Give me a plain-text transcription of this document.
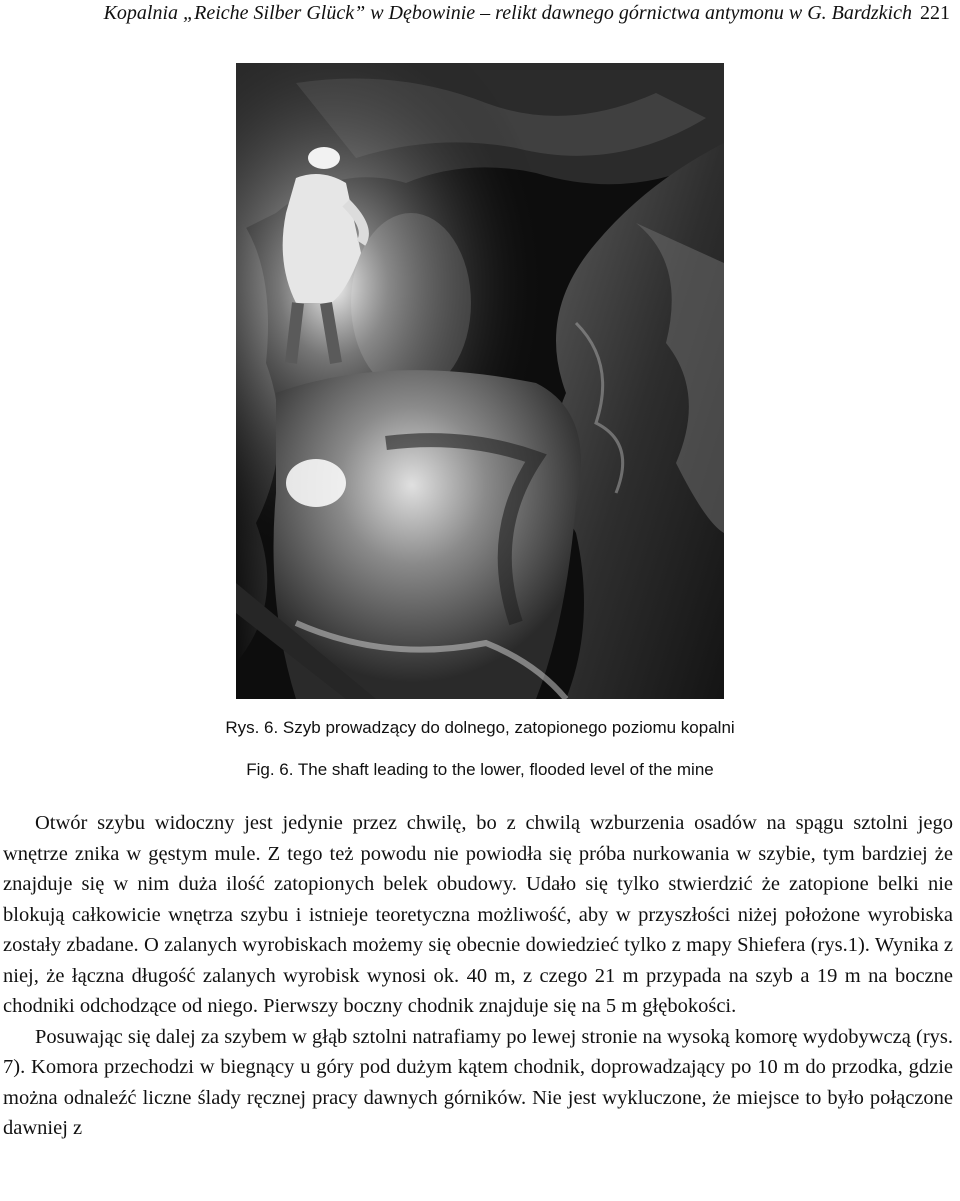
Kopalnia „Reiche Silber Glück” w Dębowinie – relikt dawnego górnictwa antymonu w G. Bardzkich 221
Rys. 6. Szyb prowadzący do dolnego, zatopionego poziomu kopalni
Fig. 6. The shaft leading to the lower, flooded level of the mine

Otwór szybu widoczny jest jedynie przez chwilę, bo z chwilą wzburzenia osadów na spągu sztolni jego wnętrze znika w gęstym mule. Z tego też powodu nie powiodła się próba nurkowania w szybie, tym bardziej że znajduje się w nim duża ilość zatopionych belek obudowy. Udało się tylko stwierdzić że zatopione belki nie blokują całkowicie wnętrza szybu i istnieje teoretyczna możliwość, aby w przyszłości niżej położone wyrobiska zostały zbadane. O zalanych wyrobiskach możemy się obecnie dowiedzieć tylko z mapy Shiefera (rys.1). Wynika z niej, że łączna długość zalanych wyrobisk wynosi ok. 40 m, z czego 21 m przypada na szyb a 19 m na boczne chodniki odchodzące od niego. Pierwszy boczny chodnik znajduje się na 5 m głębokości.

Posuwając się dalej za szybem w głąb sztolni natrafiamy po lewej stronie na wysoką komorę wydobywczą (rys. 7). Komora przechodzi w biegnący u góry pod dużym kątem chodnik, doprowadzający po 10 m do przodka, gdzie można odnaleźć liczne ślady ręcznej pracy dawnych górników. Nie jest wykluczone, że miejsce to było połączone dawniej z
